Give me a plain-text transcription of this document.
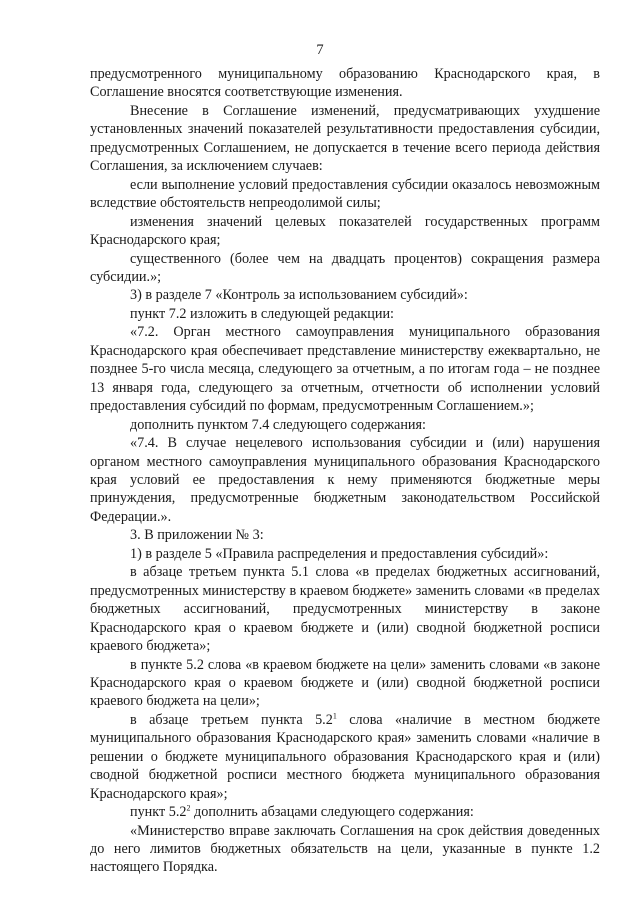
7

предусмотренного муниципальному образованию Краснодарского края, в Соглашение вносятся соответствующие изменения.

Внесение в Соглашение изменений, предусматривающих ухудшение установленных значений показателей результативности предоставления субсидии, предусмотренных Соглашением, не допускается в течение всего периода действия Соглашения, за исключением случаев:

если выполнение условий предоставления субсидии оказалось невозможным вследствие обстоятельств непреодолимой силы;

изменения значений целевых показателей государственных программ Краснодарского края;

существенного (более чем на двадцать процентов) сокращения размера субсидии.»;

3) в разделе 7 «Контроль за использованием субсидий»:

пункт 7.2 изложить в следующей редакции:

«7.2. Орган местного самоуправления муниципального образования Краснодарского края обеспечивает представление министерству ежеквартально, не позднее 5-го числа месяца, следующего за отчетным, а по итогам года – не позднее 13 января года, следующего за отчетным, отчетности об исполнении условий предоставления субсидий по формам, предусмотренным Соглашением.»;

дополнить пунктом 7.4 следующего содержания:

«7.4. В случае нецелевого использования субсидии и (или) нарушения органом местного самоуправления муниципального образования Краснодарского края условий ее предоставления к нему применяются бюджетные меры принуждения, предусмотренные бюджетным законодательством Российской Федерации.».

3. В приложении № 3:

1) в разделе 5 «Правила распределения и предоставления субсидий»:

в абзаце третьем пункта 5.1 слова «в пределах бюджетных ассигнований, предусмотренных министерству в краевом бюджете» заменить словами «в пределах бюджетных ассигнований, предусмотренных министерству в законе Краснодарского края о краевом бюджете и (или) сводной бюджетной росписи краевого бюджета»;

в пункте 5.2 слова «в краевом бюджете на цели» заменить словами «в законе Краснодарского края о краевом бюджете и (или) сводной бюджетной росписи краевого бюджета на цели»;

в абзаце третьем пункта $5.2^1$ слова «наличие в местном бюджете муниципального образования Краснодарского края» заменить словами «наличие в решении о бюджете муниципального образования Краснодарского края и (или) сводной бюджетной росписи местного бюджета муниципального образования Краснодарского края»;

пункт $5.2^2$ дополнить абзацами следующего содержания:

«Министерство вправе заключать Соглашения на срок действия доведенных до него лимитов бюджетных обязательств на цели, указанные в пункте 1.2 настоящего Порядка.
